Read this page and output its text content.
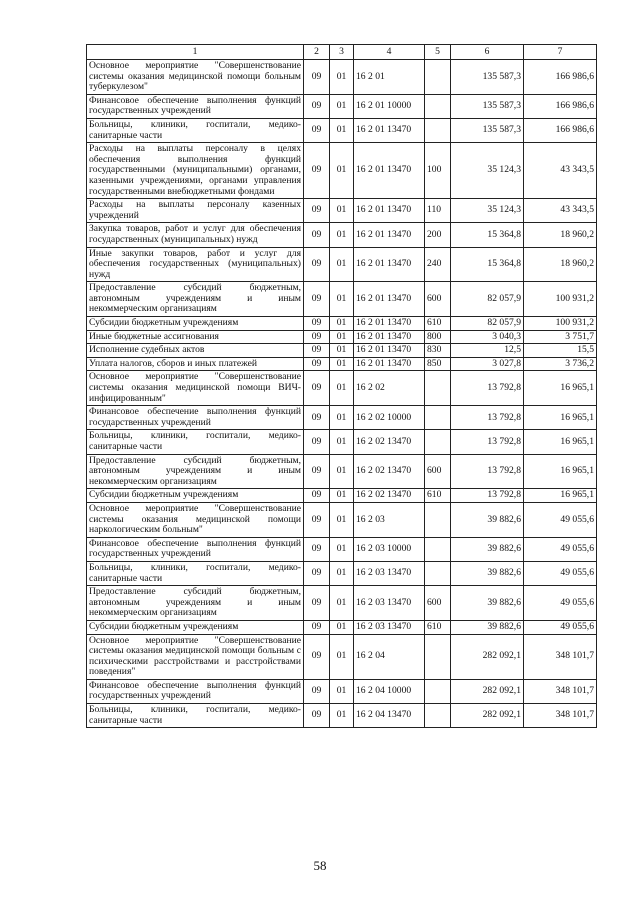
1	2	3	4	5	6	7
Основное мероприятие "Совершенствование системы оказания медицинской помощи больным туберкулезом"	09	01	16 2 01		135 587,3	166 986,6
Финансовое обеспечение выполнения функций государственных учреждений	09	01	16 2 01 10000		135 587,3	166 986,6
Больницы, клиники, госпитали, медико-санитарные части	09	01	16 2 01 13470		135 587,3	166 986,6
Расходы на выплаты персоналу в целях обеспечения выполнения функций государственными (муниципальными) органами, казенными учреждениями, органами управления государственными внебюджетными фондами	09	01	16 2 01 13470	100	35 124,3	43 343,5
Расходы на выплаты персоналу казенных учреждений	09	01	16 2 01 13470	110	35 124,3	43 343,5
Закупка товаров, работ и услуг для обеспечения государственных (муниципальных) нужд	09	01	16 2 01 13470	200	15 364,8	18 960,2
Иные закупки товаров, работ и услуг для обеспечения государственных (муниципальных) нужд	09	01	16 2 01 13470	240	15 364,8	18 960,2
Предоставление субсидий бюджетным, автономным учреждениям и иным некоммерческим организациям	09	01	16 2 01 13470	600	82 057,9	100 931,2
Субсидии бюджетным учреждениям	09	01	16 2 01 13470	610	82 057,9	100 931,2
Иные бюджетные ассигнования	09	01	16 2 01 13470	800	3 040,3	3 751,7
Исполнение судебных актов	09	01	16 2 01 13470	830	12,5	15,5
Уплата налогов, сборов и иных платежей	09	01	16 2 01 13470	850	3 027,8	3 736,2
Основное мероприятие "Совершенствование системы оказания медицинской помощи ВИЧ-инфицированным"	09	01	16 2 02		13 792,8	16 965,1
Финансовое обеспечение выполнения функций государственных учреждений	09	01	16 2 02 10000		13 792,8	16 965,1
Больницы, клиники, госпитали, медико-санитарные части	09	01	16 2 02 13470		13 792,8	16 965,1
Предоставление субсидий бюджетным, автономным учреждениям и иным некоммерческим организациям	09	01	16 2 02 13470	600	13 792,8	16 965,1
Субсидии бюджетным учреждениям	09	01	16 2 02 13470	610	13 792,8	16 965,1
Основное мероприятие "Совершенствование системы оказания медицинской помощи наркологическим больным"	09	01	16 2 03		39 882,6	49 055,6
Финансовое обеспечение выполнения функций государственных учреждений	09	01	16 2 03 10000		39 882,6	49 055,6
Больницы, клиники, госпитали, медико-санитарные части	09	01	16 2 03 13470		39 882,6	49 055,6
Предоставление субсидий бюджетным, автономным учреждениям и иным некоммерческим организациям	09	01	16 2 03 13470	600	39 882,6	49 055,6
Субсидии бюджетным учреждениям	09	01	16 2 03 13470	610	39 882,6	49 055,6
Основное мероприятие "Совершенствование системы оказания медицинской помощи больным с психическими расстройствами и расстройствами поведения"	09	01	16 2 04		282 092,1	348 101,7
Финансовое обеспечение выполнения функций государственных учреждений	09	01	16 2 04 10000		282 092,1	348 101,7
Больницы, клиники, госпитали, медико-санитарные части	09	01	16 2 04 13470		282 092,1	348 101,7
58
